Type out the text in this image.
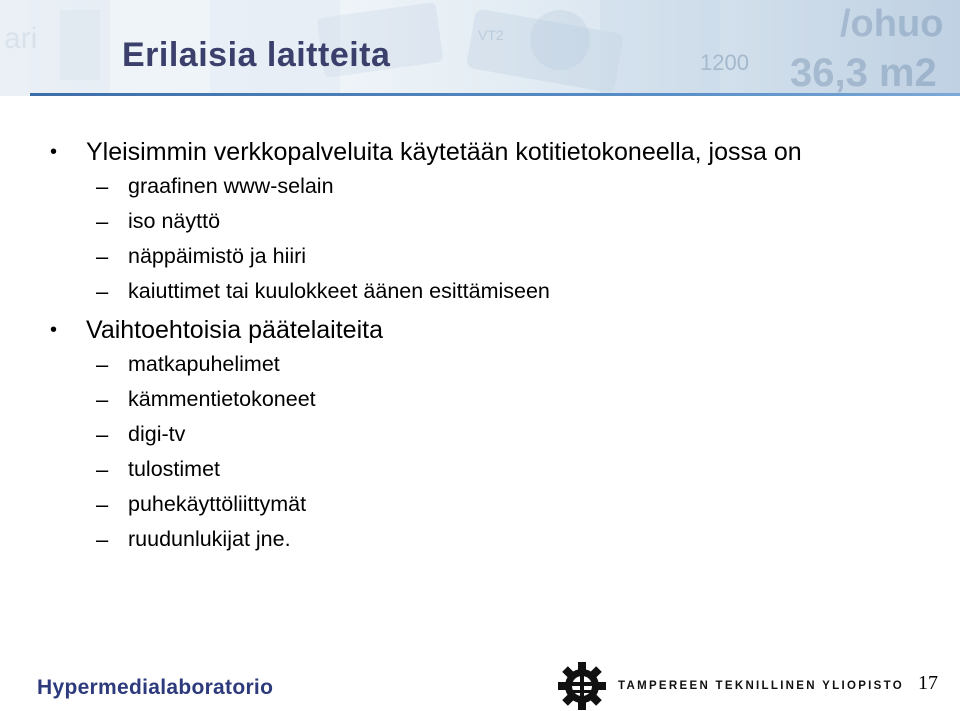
Erilaisia laitteita
•	Yleisimmin verkkopalveluita käytetään kotitietokoneella, jossa on
– graafinen www-selain
– iso näyttö
– näppäimistö ja hiiri
– kaiuttimet tai kuulokkeet äänen esittämiseen
•	Vaihtoehtoisia päätelaiteita
– matkapuhelimet
– kämmentietokoneet
– digi-tv
– tulostimet
– puhekäyttöliittymät
– ruudunlukijat jne.
Hypermedialaboratorio	TAMPEREEN TEKNILLINEN YLIOPISTO 17
